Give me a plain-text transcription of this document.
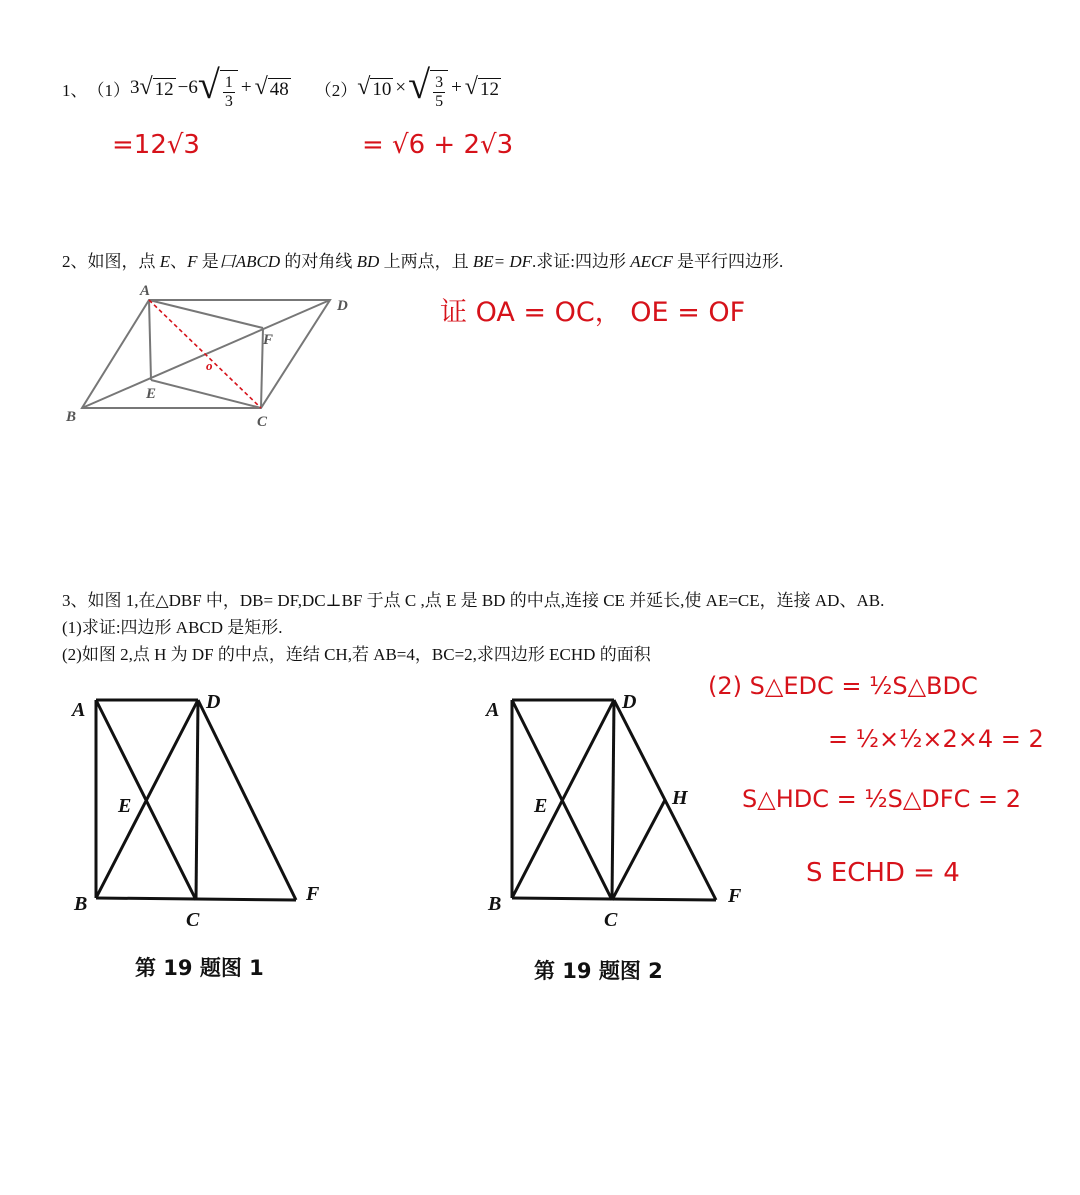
1、 （1） 3 √ 12 −6 √ $\frac{1}{3}$ + √ 48 （2） √ 10 × √ $\frac{3}{5}$ + √ 12
=12√3	= √6 + 2√3
2、如图，点 E、F 是口ABCD 的对角线 BD 上两点，且 BE= DF.求证:四边形 AECF 是平行四边形.
A
D
B	C
E
F
o
证 OA = OC， OE = OF
3、如图 1,在△DBF 中，DB= DF,DC⊥BF 于点 C ,点 E 是 BD 的中点,连接 CE 并延长,使 AE=CE，连接 AD、AB.
(1)求证:四边形 ABCD 是矩形.
(2)如图 2,点 H 为 DF 的中点，连结 CH,若 AB=4，BC=2,求四边形 ECHD 的面积
A	D
E
B
C
F
第 19 题图 1
A	D
E	H
B
C
F
第 19 题图 2
(2) S△EDC = ½S△BDC
= ½×½×2×4 = 2
S△HDC = ½S△DFC = 2
S ECHD = 4
